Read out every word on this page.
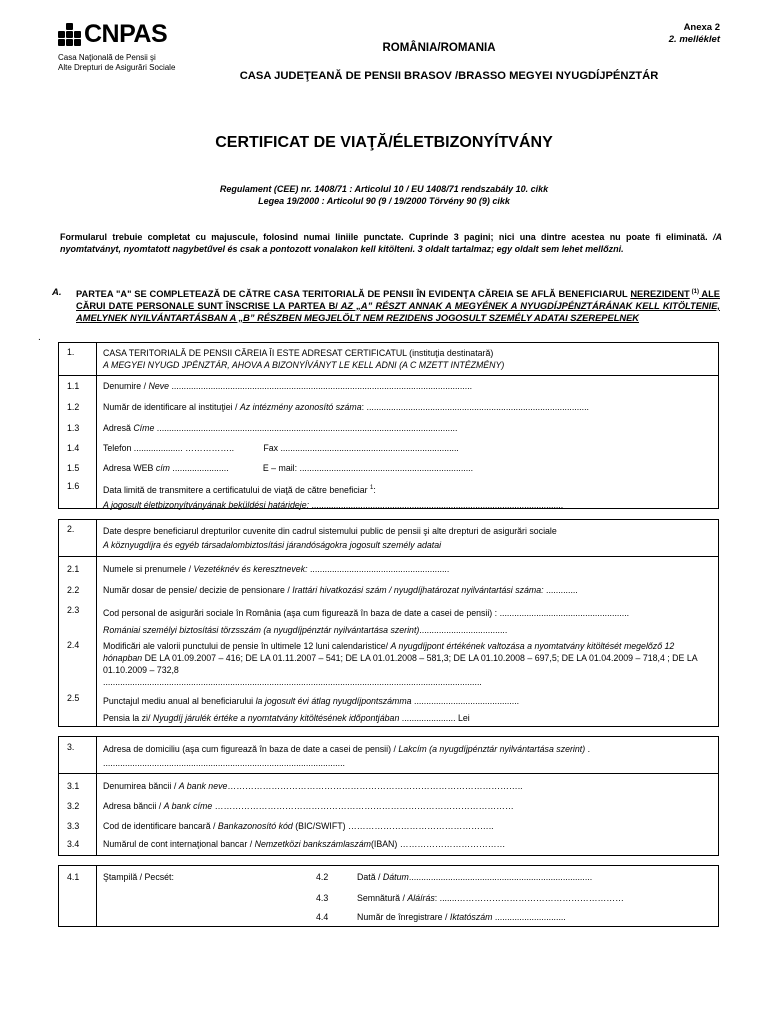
CNPAS
Casa Naţională de Pensii şi
Alte Drepturi de Asigurări Sociale
Anexa 2
2. melléklet
ROMÂNIA/ROMANIA
CASA JUDEŢEANĂ DE PENSII BRASOV /BRASSO MEGYEI NYUGDÍJPÉNZTÁR
CERTIFICAT DE VIAŢĂ/ÉLETBIZONYÍTVÁNY
Regulament (CEE) nr. 1408/71 : Articolul 10 / EU 1408/71 rendszabály 10. cikk
Legea 19/2000 : Articolul 90 (9 / 19/2000 Törvény 90 (9) cikk
Formularul trebuie completat cu majuscule, folosind numai liniile punctate. Cuprinde 3 pagini; nici una dintre acestea nu poate fi eliminată. /A nyomtatványt, nyomtatott nagybetűvel és csak a pontozott vonalakon kell kitölteni. 3 oldalt tartalmaz; egy oldalt sem lehet mellőzni.
A. PARTEA "A" SE COMPLETEAZĂ DE CĂTRE CASA TERITORIALĂ DE PENSII ÎN EVIDENŢA CĂREIA SE AFLĂ BENEFICIARUL NEREZIDENT $^{(1)}$ ALE CĂRUI DATE PERSONALE SUNT ÎNSCRISE LA PARTEA B/ AZ „A” RÉSZT ANNAK A MEGYÉNEK A NYUGDÍJPÉNZTÁRÁNAK KELL KITÖLTENIE, AMELYNEK NYILVÁNTARTÁSBAN A „B” RÉSZBEN MEGJELÖLT NEM REZIDENS JOGOSULT SZEMÉLY ADATAI SZEREPELNEK
.
1.	CASA TERITORIALĂ DE PENSII CĂREIA ÎI ESTE ADRESAT CERTIFICATUL (instituţia destinatară)
A MEGYEI NYUGD JPÉNZTÁR, AHOVA A BIZONYÍVÁNYT LE KELL ADNI (A C MZETT INTÉZMÉNY)
1.1	Denumire / Neve ...........................................................................................................................
1.2	Număr de identificare al instituţiei / Az intézmény azonosító száma: ...........................................................................................
1.3	Adresă Címe ...........................................................................................................................
1.4	Telefon .................... ……………..            Fax .........................................................................
1.5	Adresa WEB cím .......................              E – mail: .......................................................................
1.6	Data limită de transmitere a certificatului de viaţă de către beneficiar $^1$:
A jogosult életbizonyítványának beküldési határideje: .......................................................................................................
2.	Date despre beneficiarul drepturilor cuvenite din cadrul sistemului public de pensii şi alte drepturi de asigurări sociale
A köznyugdíjra és egyéb társadalombiztosítási járandóságokra jogosult személy adatai
2.1	Numele si prenumele / Vezetéknév és keresztnevek: .........................................................
2.2	Număr dosar de pensie/ decizie de pensionare / Irattári hivatkozási szám / nyugdíjhatározat nyilvántartási száma: .............
2.3	Cod personal de asigurări sociale în România (aşa cum figurează în baza de date a casei de pensii) : .....................................................
Romániai személyi biztosítási törzsszám (a nyugdíjpénztár nyilvántartása szerint)....................................
2.4	Modificări ale valorii punctului de pensie în ultimele 12 luni calendaristice/ A nyugdíjpont értékének valtozása a nyomtatvány kitöltését megelőző 12 hónapban DE LA 01.09.2007 – 416; DE LA 01.11.2007 – 541; DE LA 01.01.2008 – 581,3; DE LA 01.10.2008 – 697,5; DE LA 01.04.2009 – 718,4 ; DE LA 01.10.2009 – 732,8
...........................................................................................................................................................
2.5	Punctajul mediu anual al beneficiarului la jogosult évi átlag nyugdíjpontszámma ...........................................
Pensia la zi/ Nyugdíj járulék értéke a nyomtatvány kitöltésének időpontjában ...................... Lei
3.	Adresa de domiciliu (aşa cum figurează în baza de date a casei de pensii) / Lakcím (a nyugdíjpénztár nyilvántartása szerint) .
...................................................................................................
3.1	Denumirea băncii / A bank neve………………………………………………………………………………………..
3.2	Adresa băncii / A bank címe …………………………………………………………………………………………
3.3	Cod de identificare bancară / Bankazonosító kód (BIC/SWIFT) …………………………………………..
3.4	Numărul de cont internaţional bancar / Nemzetközi bankszámlaszám(IBAN) ………………………………
4.1	Ştampilă / Pecsét:	4.2	Dată / Dátum...........................................................................
4.3	Semnătură / Aláírás: .......…………………………………………………
4.4	Număr de înregistrare / Iktatószám .............................
